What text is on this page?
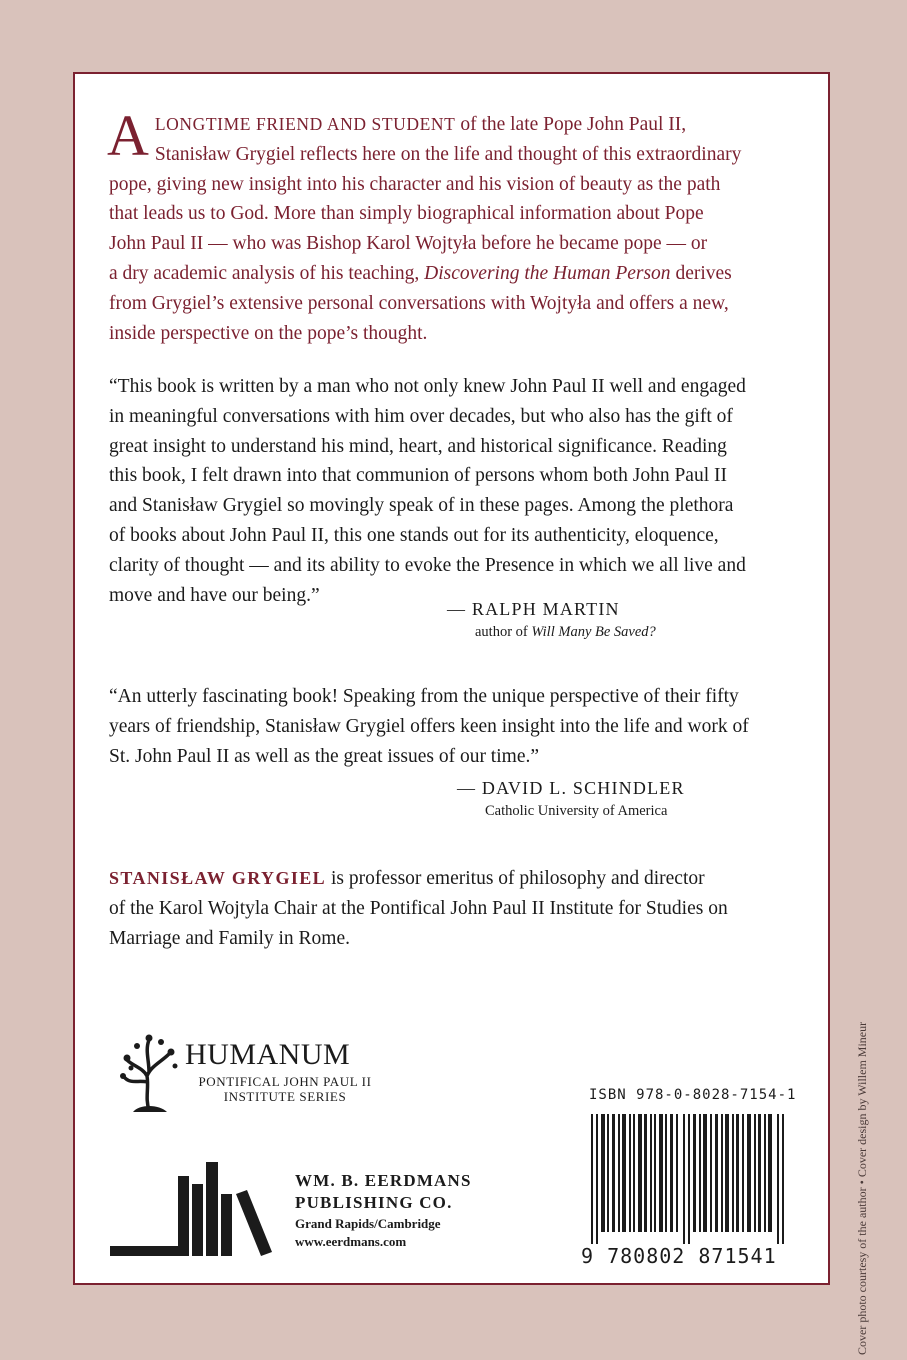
ALONGTIME FRIEND AND STUDENT of the late Pope John Paul II,
Stanisław Grygiel reflects here on the life and thought of this extraordinary
pope, giving new insight into his character and his vision of beauty as the path
that leads us to God. More than simply biographical information about Pope
John Paul II — who was Bishop Karol Wojtyła before he became pope — or
a dry academic analysis of his teaching, Discovering the Human Person derives
from Grygiel’s extensive personal conversations with Wojtyła and offers a new,
inside perspective on the pope’s thought.
“This book is written by a man who not only knew John Paul II well and engaged
in meaningful conversations with him over decades, but who also has the gift of
great insight to understand his mind, heart, and historical significance. Reading
this book, I felt drawn into that communion of persons whom both John Paul II
and Stanisław Grygiel so movingly speak of in these pages. Among the plethora
of books about John Paul II, this one stands out for its authenticity, eloquence,
clarity of thought — and its ability to evoke the Presence in which we all live and
move and have our being.”
— RALPH MARTIN
author of Will Many Be Saved?
“An utterly fascinating book! Speaking from the unique perspective of their fifty
years of friendship, Stanisław Grygiel offers keen insight into the life and work of
St. John Paul II as well as the great issues of our time.”
— DAVID L. SCHINDLER
Catholic University of America
STANISŁAW GRYGIEL is professor emeritus of philosophy and director
of the Karol Wojtyla Chair at the Pontifical John Paul II Institute for Studies on
Marriage and Family in Rome.
HUMANUM
PONTIFICAL JOHN PAUL II
INSTITUTE SERIES
WM. B. EERDMANS
PUBLISHING CO.
Grand Rapids/Cambridge
www.eerdmans.com
ISBN 978-0-8028-7154-1
9 780802 871541	Cover photo courtesy of the author • Cover design by Willem Mineur
